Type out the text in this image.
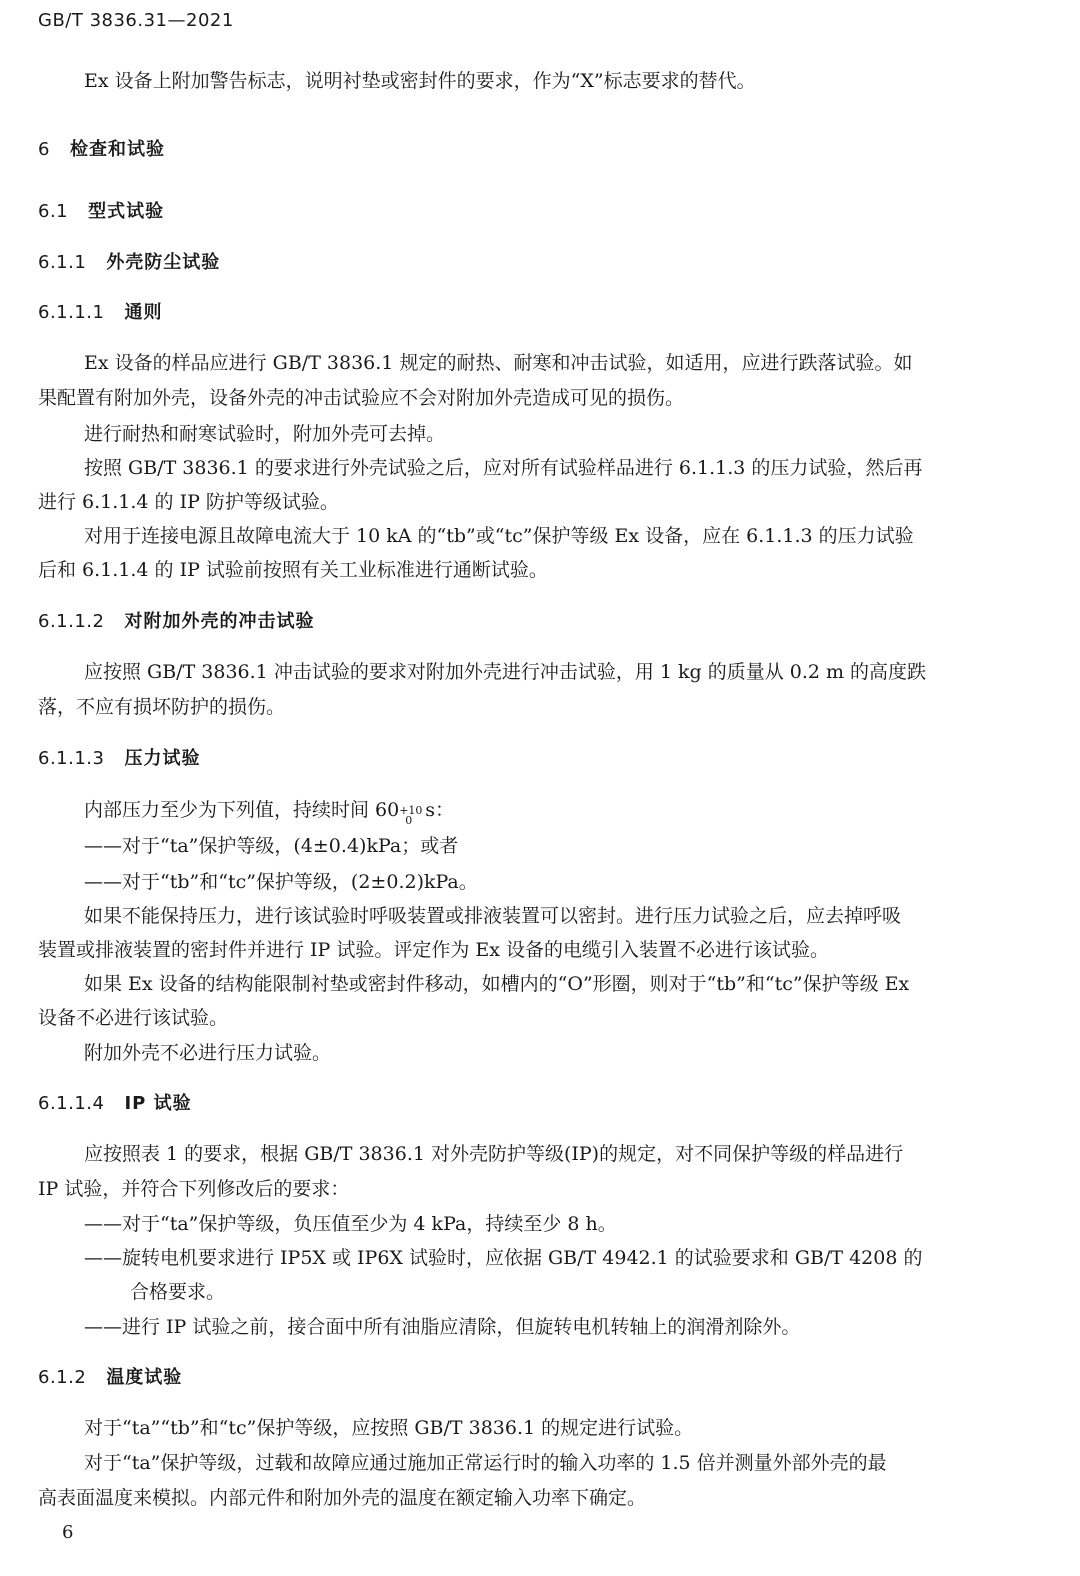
GB/T 3836.31—2021
Ex 设备上附加警告标志，说明衬垫或密封件的要求，作为“X”标志要求的替代。
6 检查和试验
6.1 型式试验
6.1.1 外壳防尘试验
6.1.1.1 通则
Ex 设备的样品应进行 GB/T 3836.1 规定的耐热、耐寒和冲击试验，如适用，应进行跌落试验。如
果配置有附加外壳，设备外壳的冲击试验应不会对附加外壳造成可见的损伤。
进行耐热和耐寒试验时，附加外壳可去掉。
按照 GB/T 3836.1 的要求进行外壳试验之后，应对所有试验样品进行 6.1.1.3 的压力试验，然后再
进行 6.1.1.4 的 IP 防护等级试验。
对用于连接电源且故障电流大于 10 kA 的“tb”或“tc”保护等级 Ex 设备，应在 6.1.1.3 的压力试验
后和 6.1.1.4 的 IP 试验前按照有关工业标准进行通断试验。
6.1.1.2 对附加外壳的冲击试验
应按照 GB/T 3836.1 冲击试验的要求对附加外壳进行冲击试验，用 1 kg 的质量从 0.2 m 的高度跌
落，不应有损坏防护的损伤。
6.1.1.3 压力试验
内部压力至少为下列值，持续时间 60 +10
0 s：
——对于“ta”保护等级，(4±0.4)kPa；或者
——对于“tb”和“tc”保护等级，(2±0.2)kPa。
如果不能保持压力，进行该试验时呼吸装置或排液装置可以密封。进行压力试验之后，应去掉呼吸
装置或排液装置的密封件并进行 IP 试验。评定作为 Ex 设备的电缆引入装置不必进行该试验。
如果 Ex 设备的结构能限制衬垫或密封件移动，如槽内的“O”形圈，则对于“tb”和“tc”保护等级 Ex
设备不必进行该试验。
附加外壳不必进行压力试验。
6.1.1.4 IP 试验
应按照表 1 的要求，根据 GB/T 3836.1 对外壳防护等级(IP)的规定，对不同保护等级的样品进行
IP 试验，并符合下列修改后的要求：
——对于“ta”保护等级，负压值至少为 4 kPa，持续至少 8 h。
——旋转电机要求进行 IP5X 或 IP6X 试验时，应依据 GB/T 4942.1 的试验要求和 GB/T 4208 的
合格要求。
——进行 IP 试验之前，接合面中所有油脂应清除，但旋转电机转轴上的润滑剂除外。
6.1.2 温度试验
对于“ta”“tb”和“tc”保护等级，应按照 GB/T 3836.1 的规定进行试验。
对于“ta”保护等级，过载和故障应通过施加正常运行时的输入功率的 1.5 倍并测量外部外壳的最
高表面温度来模拟。内部元件和附加外壳的温度在额定输入功率下确定。
6
